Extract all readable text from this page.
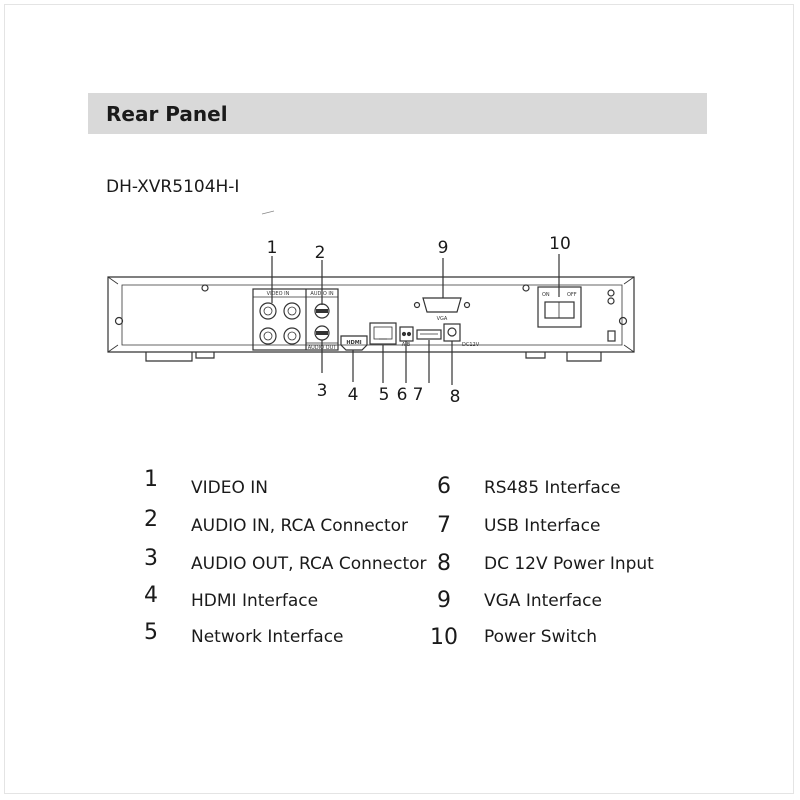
Rear Panel
DH-XVR5104H-I
VIDEO IN	AUDIO IN
AUDIO OUT
HDMI	A B
VGA
DC12V
ON	OFF
1 2
3 4 5 6 7 8
9	10
1	VIDEO IN
2	AUDIO IN, RCA Connector
3	AUDIO OUT, RCA Connector
4	HDMI Interface
5	Network Interface
6	RS485 Interface
7	USB Interface
8	DC 12V Power Input
9	VGA Interface
10	Power Switch
